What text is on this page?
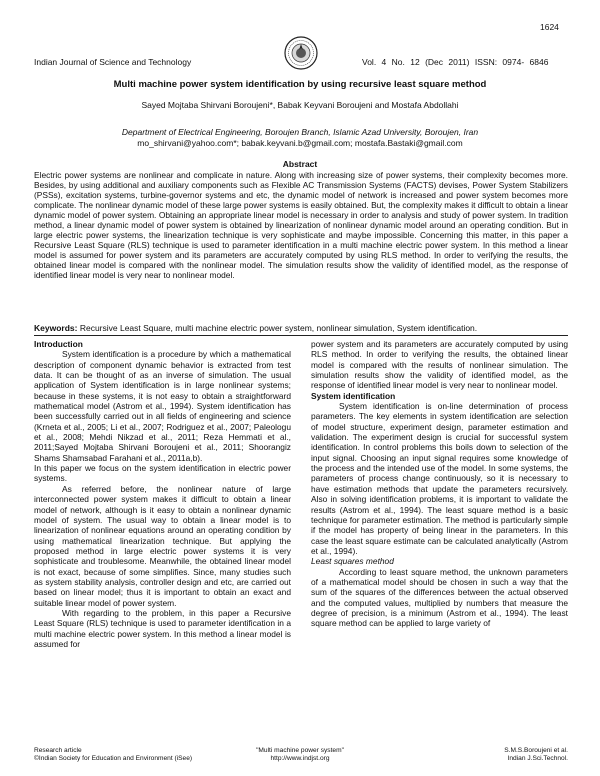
1624
Indian Journal of Science and Technology	Vol. 4 No. 12 (Dec 2011) ISSN: 0974- 6846
Multi machine power system identification by using recursive least square method
Sayed Mojtaba Shirvani Boroujeni*, Babak Keyvani Boroujeni and Mostafa Abdollahi
Department of Electrical Engineering, Boroujen Branch, Islamic Azad University, Boroujen, Iran
mo_shirvani@yahoo.com*; babak.keyvani.b@gmail.com; mostafa.Bastaki@gmail.com
Abstract
Electric power systems are nonlinear and complicate in nature. Along with increasing size of power systems, their complexity becomes more. Besides, by using additional and auxiliary components such as Flexible AC Transmission Systems (FACTS) devises, Power System Stabilizers (PSSs), excitation systems, turbine-governor systems and etc, the dynamic model of network is increased and power system becomes more complicate. The nonlinear dynamic model of these large power systems is easily obtained. But, the complexity makes it difficult to obtain a linear dynamic model of power system. Obtaining an appropriate linear model is necessary in order to analysis and study of power system. In tradition method, a linear dynamic model of power system is obtained by linearization of nonlinear dynamic model around an operating condition. But in large electric power systems, the linearization technique is very sophisticate and maybe impossible. Concerning this matter, in this paper a Recursive Least Square (RLS) technique is used to parameter identification in a multi machine electric power system. In this method a linear model is assumed for power system and its parameters are accurately computed by using RLS method. In order to verifying the results, the obtained linear model is compared with the nonlinear model. The simulation results show the validity of identified model, as the response of identified linear model is very near to nonlinear model.
Keywords: Recursive Least Square, multi machine electric power system, nonlinear simulation, System identification.
Introduction

System identification is a procedure by which a mathematical description of component dynamic behavior is extracted from test data. It can be thought of as an inverse of simulation. The usual application of System identification is in large nonlinear systems; because in these systems, it is not easy to obtain a straightforward mathematical model (Astrom et al., 1994). System identification has been successfully carried out in all fields of engineering and science (Krneta et al., 2005; Li et al., 2007; Rodriguez et al., 2007; Paleologu et al., 2008; Mehdi Nikzad et al., 2011; Reza Hemmati et al., 2011;Sayed Mojtaba Shirvani Boroujeni et al., 2011; Shoorangiz Shams Shamsabad Farahani et al., 2011a,b).

In this paper we focus on the system identification in electric power systems.

As referred before, the nonlinear nature of large interconnected power system makes it difficult to obtain a linear model of network, although is it easy to obtain a nonlinear dynamic model of system. The usual way to obtain a linear model is to linearization of nonlinear equations around an operating condition by using mathematical linearization technique. But applying the proposed method in large electric power systems it is very sophisticate and troublesome. Meanwhile, the obtained linear model is not exact, because of some simplifies. Since, many studies such as system stability analysis, controller design and etc, are carried out based on linear model; thus it is important to obtain an exact and suitable linear model of power system.

With regarding to the problem, in this paper a Recursive Least Square (RLS) technique is used to parameter identification in a multi machine electric power system. In this method a linear model is assumed for

power system and its parameters are accurately computed by using RLS method. In order to verifying the results, the obtained linear model is compared with the results of nonlinear simulation. The simulation results show the validity of identified model, as the response of identified linear model is very near to nonlinear model.

System identification

System identification is on-line determination of process parameters. The key elements in system identification are selection of model structure, experiment design, parameter estimation and validation. The experiment design is crucial for successful system identification. In control problems this boils down to selection of the input signal. Choosing an input signal requires some knowledge of the process and the intended use of the model. In some systems, the parameters of process change continuously, so it is necessary to have estimation methods that update the parameters recursively. Also in solving identification problems, it is important to validate the results (Astrom et al., 1994). The least square method is a basic technique for parameter estimation. The method is particularly simple if the model has property of being linear in the parameters. In this case the least square estimate can be calculated analytically (Astrom et al., 1994).

Least squares method

According to least square method, the unknown parameters of a mathematical model should be chosen in such a way that the sum of the squares of the differences between the actual observed and the computed values, multiplied by numbers that measure the degree of precision, is a minimum (Astrom et al., 1994). The least square method can be applied to large variety of

Research article
©Indian Society for Education and Environment (iSee)
"Multi machine power system"
http://www.indjst.org
S.M.S.Boroujeni et al.
Indian J.Sci.Technol.
